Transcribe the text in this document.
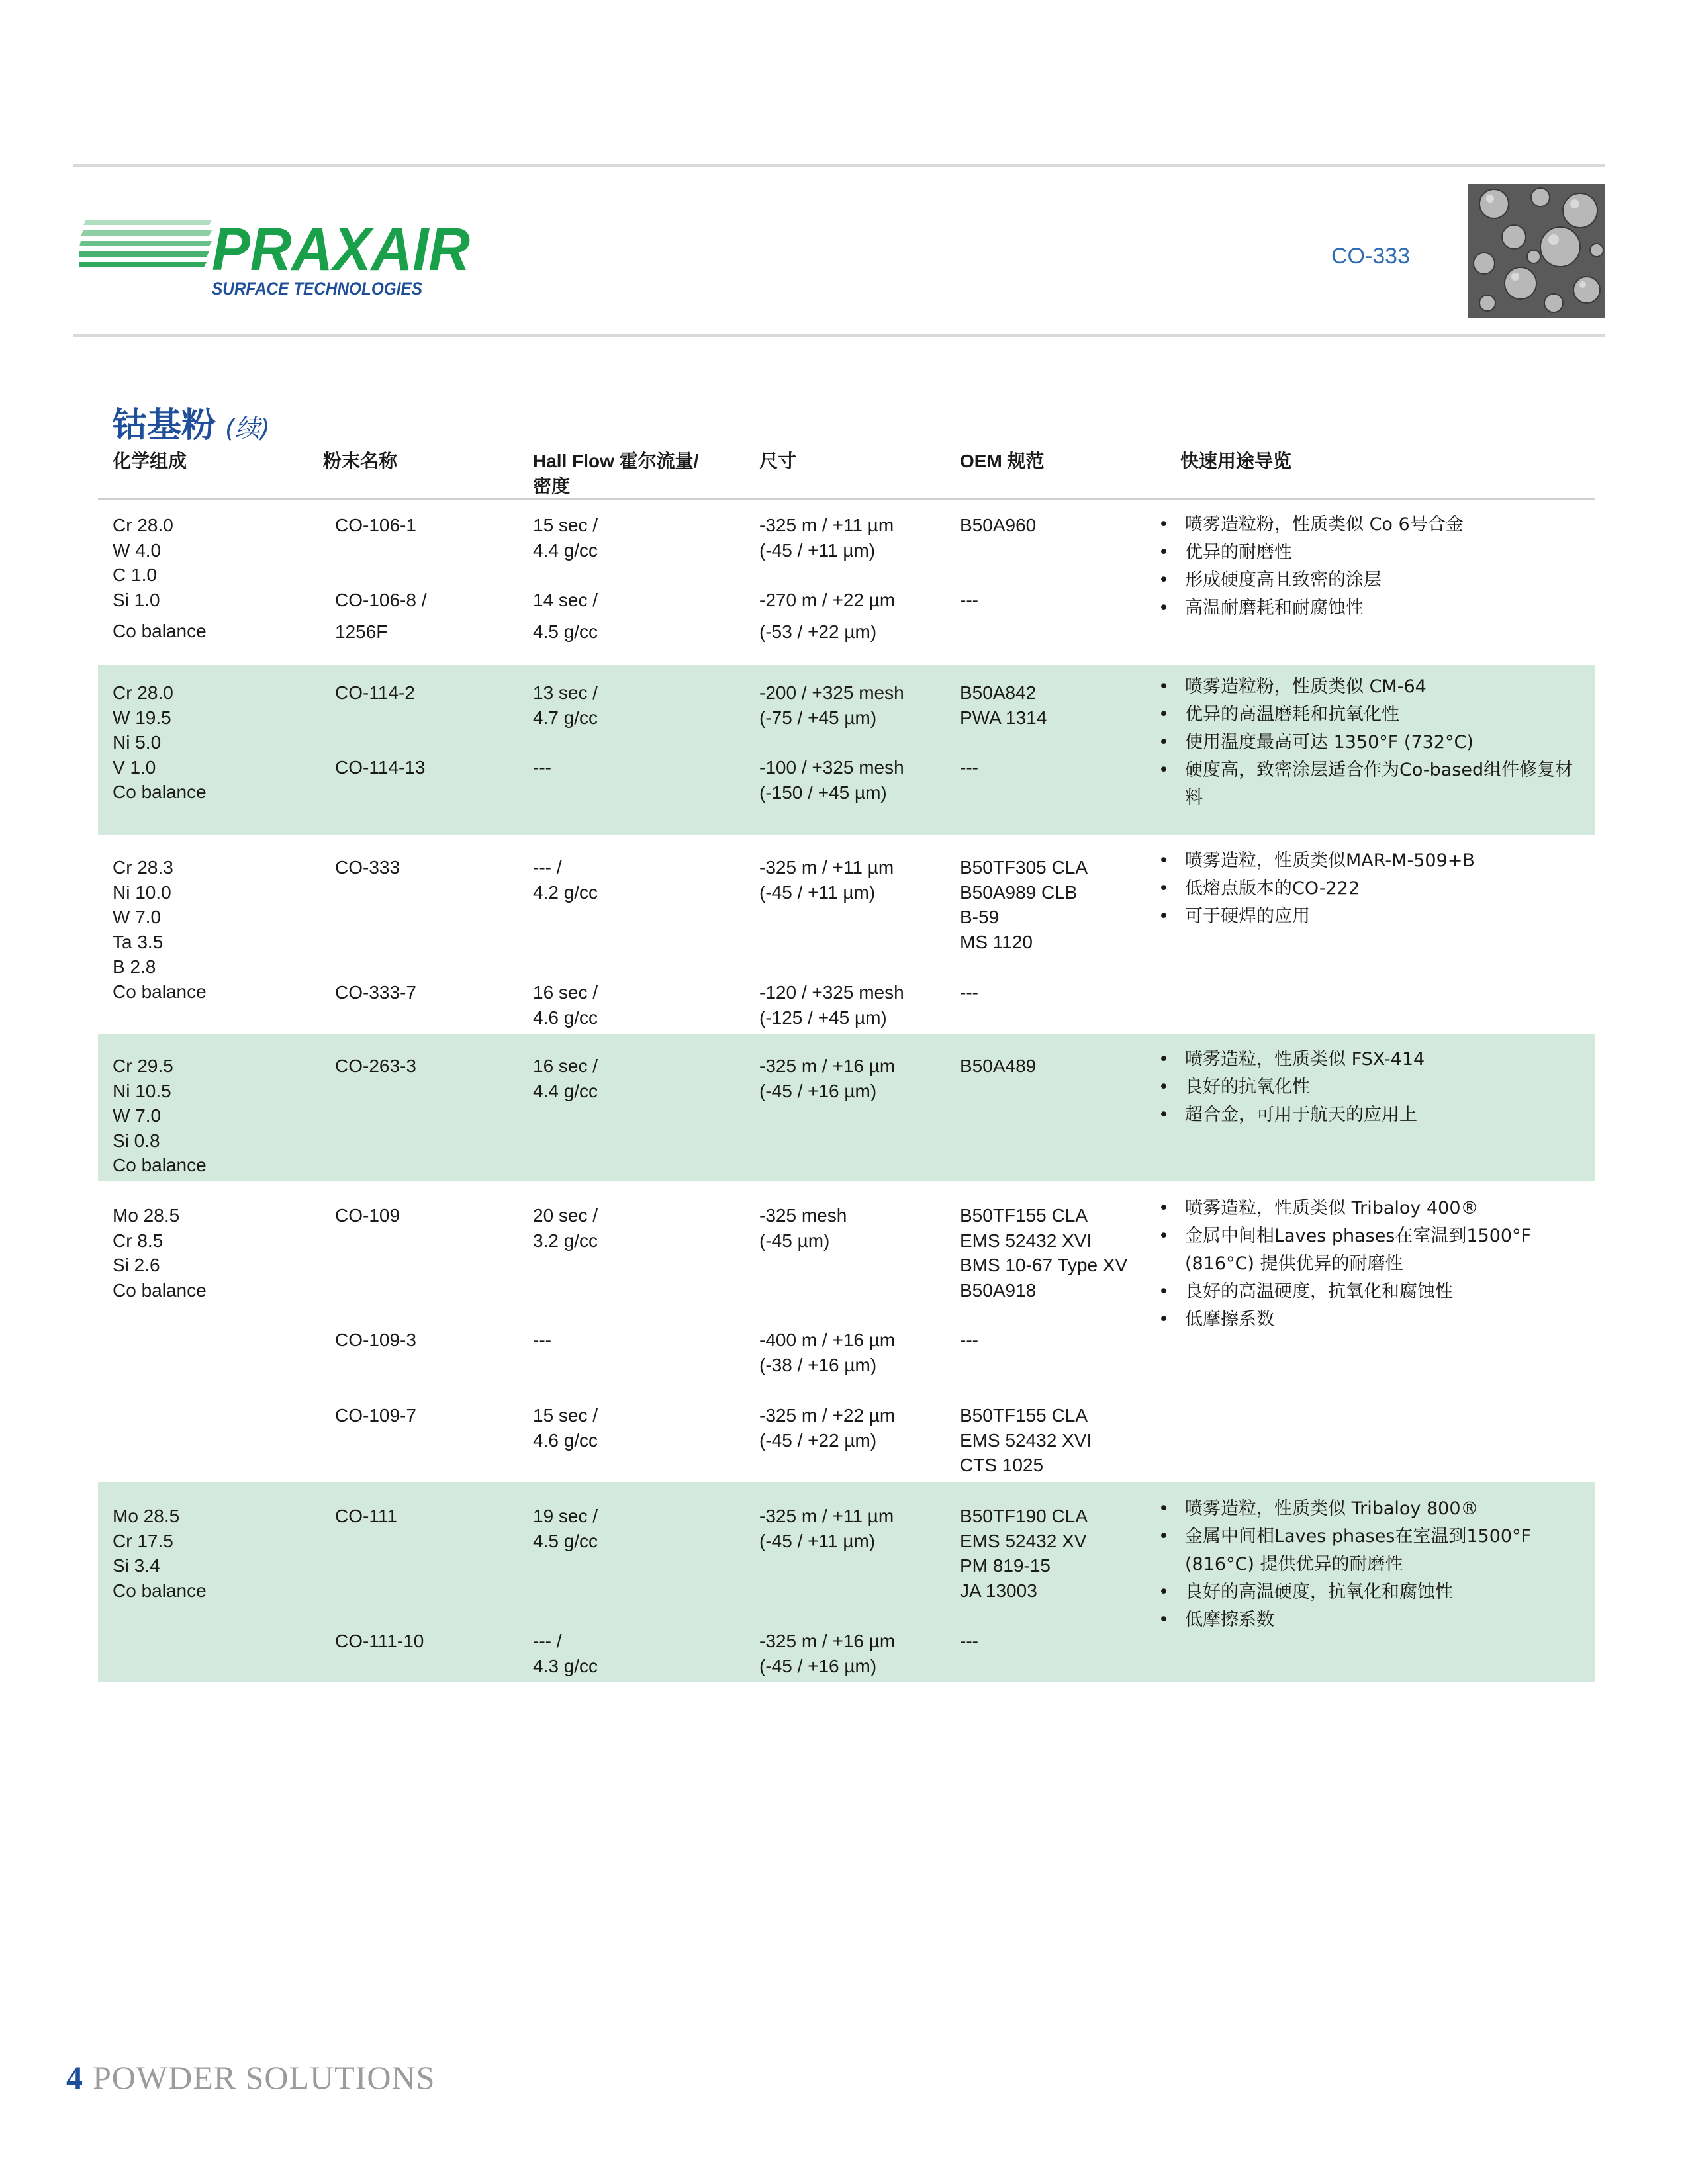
PRAXAIR
SURFACE TECHNOLOGIES
CO-333
钴基粉 (续)
化学组成	粉末名称	Hall Flow 霍尔流量/
密度
尺寸	OEM 规范	快速用途导览
Cr 28.0
W 4.0
C 1.0
Si 1.0
Co balance
CO-106-1	15 sec /
4.4 g/cc
-325 m / +11 µm
(-45 / +11 µm)
B50A960
CO-106-8 /
1256F
14 sec /
4.5 g/cc
-270 m / +22 µm
(-53 / +22 µm)
---
• 喷雾造粒粉，性质类似 Co 6号合金
• 优异的耐磨性
• 形成硬度高且致密的涂层
• 高温耐磨耗和耐腐蚀性
Cr 28.0
W 19.5
Ni 5.0
V 1.0
Co balance
CO-114-2	13 sec /
4.7 g/cc
-200 / +325 mesh
(-75 / +45 µm)
B50A842
PWA 1314
CO-114-13	---	-100 / +325 mesh
(-150 / +45 µm)
---
• 喷雾造粒粉，性质类似 CM-64
• 优异的高温磨耗和抗氧化性
• 使用温度最高可达 1350°F (732°C)
• 硬度高，致密涂层适合作为Co-based组件修复材料
Cr 28.3
Ni 10.0
W 7.0
Ta 3.5
B 2.8
Co balance
CO-333	--- /
4.2 g/cc
-325 m / +11 µm
(-45 / +11 µm)
B50TF305 CLA
B50A989 CLB
B-59
MS 1120
CO-333-7	16 sec /
4.6 g/cc
-120 / +325 mesh
(-125 / +45 µm)
---
• 喷雾造粒，性质类似MAR-M-509+B
• 低熔点版本的CO-222
• 可于硬焊的应用
Cr 29.5
Ni 10.5
W 7.0
Si 0.8
Co balance
CO-263-3	16 sec /
4.4 g/cc
-325 m / +16 µm
(-45 / +16 µm)
B50A489
•	喷雾造粒，性质类似 FSX-414
• 良好的抗氧化性
• 超合金，可用于航天的应用上
Mo 28.5
Cr 8.5
Si 2.6
Co balance
CO-109	20 sec /
3.2 g/cc
-325 mesh
(-45 µm)
B50TF155 CLA
EMS 52432 XVI
BMS 10-67 Type XV
B50A918
CO-109-3	---	-400 m / +16 µm
(-38 / +16 µm)
---
CO-109-7	15 sec /
4.6 g/cc
-325 m / +22 µm
(-45 / +22 µm)
B50TF155 CLA
EMS 52432 XVI
CTS 1025
• 喷雾造粒，性质类似 Tribaloy 400®
• 金属中间相Laves phases在室温到1500°F (816°C) 提供优异的耐磨性
• 良好的高温硬度，抗氧化和腐蚀性
• 低摩擦系数
Mo 28.5
Cr 17.5
Si 3.4
Co balance
CO-111	19 sec /
4.5 g/cc
-325 m / +11 µm
(-45 / +11 µm)
B50TF190 CLA
EMS 52432 XV
PM 819-15
JA 13003
CO-111-10	--- /
4.3 g/cc
-325 m / +16 µm
(-45 / +16 µm)
---
• 喷雾造粒，性质类似 Tribaloy 800®
• 金属中间相Laves phases在室温到1500°F (816°C) 提供优异的耐磨性
• 良好的高温硬度，抗氧化和腐蚀性
• 低摩擦系数
4 POWDER SOLUTIONS
